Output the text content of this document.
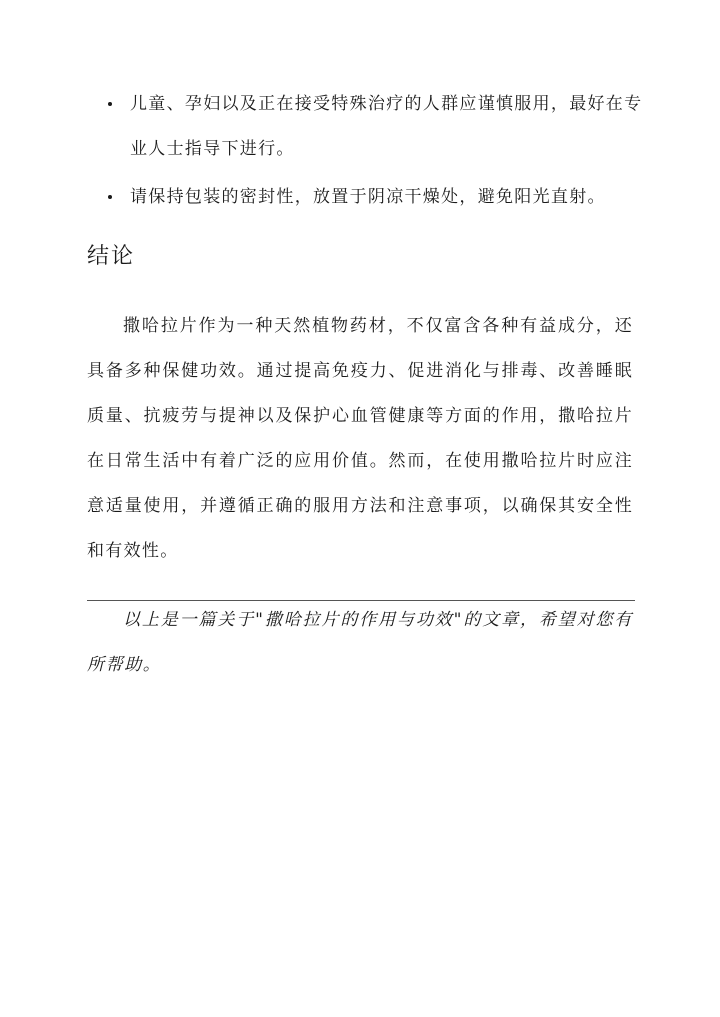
儿童、孕妇以及正在接受特殊治疗的人群应谨慎服用，最好在专业人士指导下进行。
请保持包装的密封性，放置于阴凉干燥处，避免阳光直射。
结论

撒哈拉片作为一种天然植物药材，不仅富含各种有益成分，还具备多种保健功效。通过提高免疫力、促进消化与排毒、改善睡眠质量、抗疲劳与提神以及保护心血管健康等方面的作用，撒哈拉片在日常生活中有着广泛的应用价值。然而，在使用撒哈拉片时应注意适量使用，并遵循正确的服用方法和注意事项，以确保其安全性和有效性。

以上是一篇关于"撒哈拉片的作用与功效"的文章，希望对您有所帮助。
